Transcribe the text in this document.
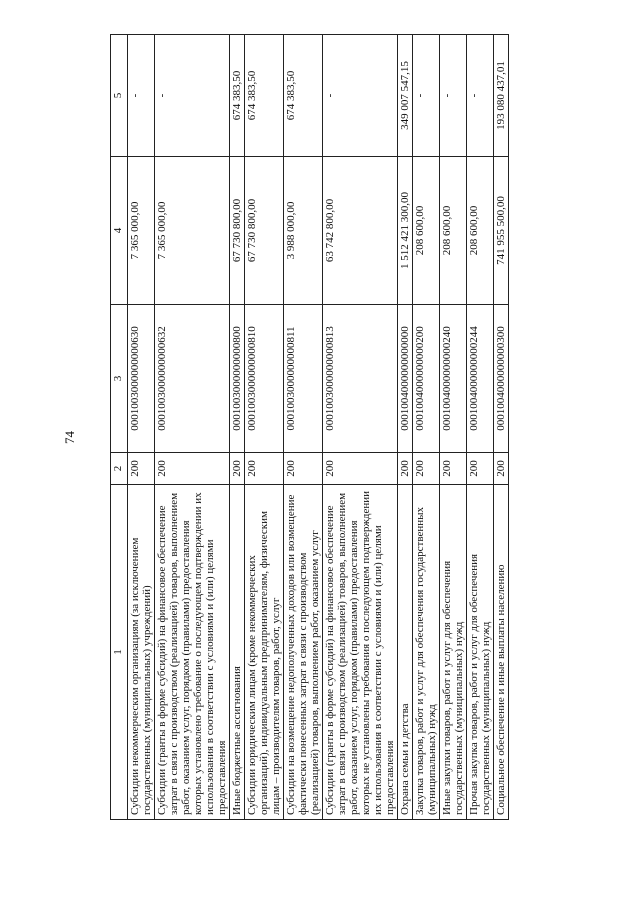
74
1	2	3	4	5
Субсидии некоммерческим организациям (за исключением государственных (муниципальных) учреждений)	200	0001003000000000630	7 365 000,00	-
Субсидии (гранты в форме субсидий) на финансовое обеспечение затрат в связи с производством (реализацией) товаров, выполнением работ, оказанием услуг, порядком (правилами) предоставления которых установлено требование о последующем подтверждении их использования в соответствии с условиями и (или) целями предоставления	200	0001003000000000632	7 365 000,00	-
Иные бюджетные ассигнования	200	0001003000000000800	67 730 800,00	674 383,50
Субсидии юридическим лицам (кроме некоммерческих организаций), индивидуальным предпринимателям, физическим лицам – производителям товаров, работ, услуг	200	0001003000000000810	67 730 800,00	674 383,50
Субсидии на возмещение недополученных доходов или возмещение фактически понесенных затрат в связи с производством (реализацией) товаров, выполнением работ, оказанием услуг	200	0001003000000000811	3 988 000,00	674 383,50
Субсидии (гранты в форме субсидий) на финансовое обеспечение затрат в связи с производством (реализацией) товаров, выполнением работ, оказанием услуг, порядком (правилами) предоставления которых не установлены требования о последующем подтверждении их использования в соответствии с условиями и (или) целями предоставления	200	0001003000000000813	63 742 800,00	-
Охрана семьи и детства	200	0001004000000000000	1 512 421 300,00	349 007 547,15
Закупка товаров, работ и услуг для обеспечения государственных (муниципальных) нужд	200	0001004000000000200	208 600,00	-
Иные закупки товаров, работ и услуг для обеспечения государственных (муниципальных) нужд	200	0001004000000000240	208 600,00	-
Прочая закупка товаров, работ и услуг для обеспечения государственных (муниципальных) нужд	200	0001004000000000244	208 600,00	-
Социальное обеспечение и иные выплаты населению	200	0001004000000000300	741 955 500,00	193 080 437,01
